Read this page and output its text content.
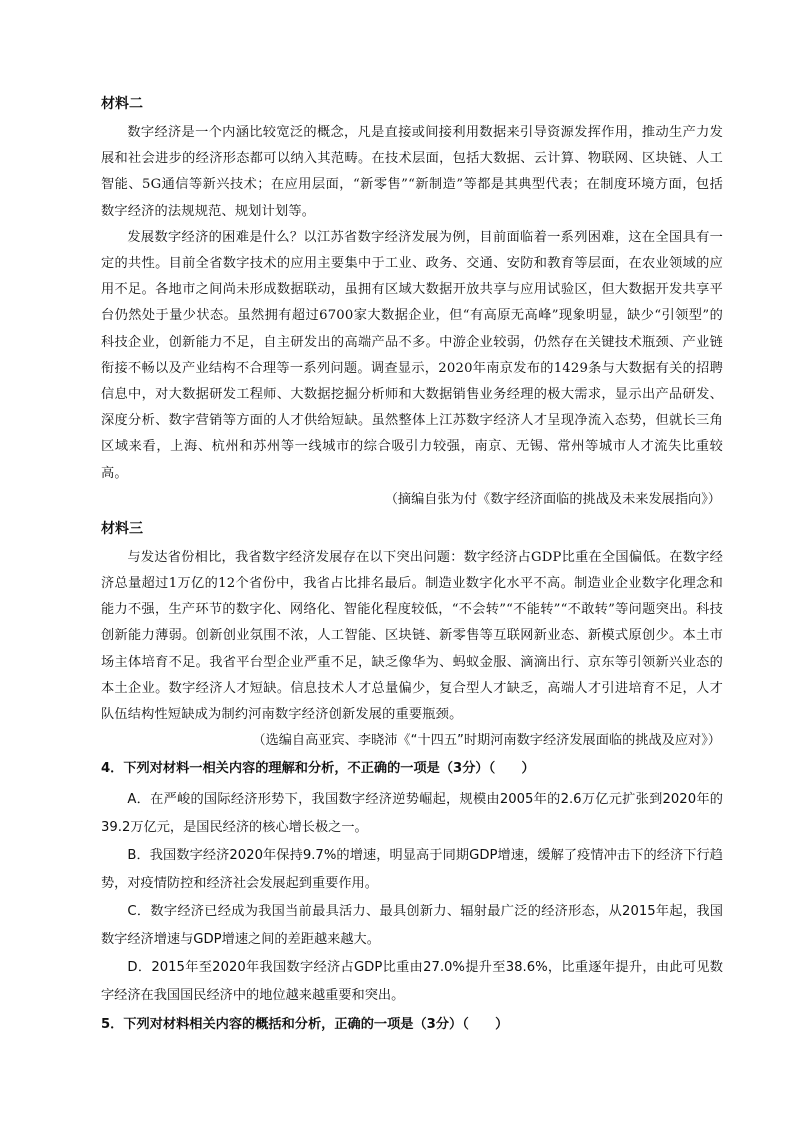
材料二

数字经济是一个内涵比较宽泛的概念，凡是直接或间接利用数据来引导资源发挥作用，推动生产力发展和社会进步的经济形态都可以纳入其范畴。在技术层面，包括大数据、云计算、物联网、区块链、人工智能、5G通信等新兴技术；在应用层面，“新零售”“新制造”等都是其典型代表；在制度环境方面，包括数字经济的法规规范、规划计划等。

发展数字经济的困难是什么？以江苏省数字经济发展为例，目前面临着一系列困难，这在全国具有一定的共性。目前全省数字技术的应用主要集中于工业、政务、交通、安防和教育等层面，在农业领域的应用不足。各地市之间尚未形成数据联动，虽拥有区域大数据开放共享与应用试验区，但大数据开发共享平台仍然处于量少状态。虽然拥有超过6700家大数据企业，但“有高原无高峰”现象明显，缺少“引领型”的科技企业，创新能力不足，自主研发出的高端产品不多。中游企业较弱，仍然存在关键技术瓶颈、产业链衔接不畅以及产业结构不合理等一系列问题。调查显示，2020年南京发布的1429条与大数据有关的招聘信息中，对大数据研发工程师、大数据挖掘分析师和大数据销售业务经理的极大需求，显示出产品研发、深度分析、数字营销等方面的人才供给短缺。虽然整体上江苏数字经济人才呈现净流入态势，但就长三角区域来看，上海、杭州和苏州等一线城市的综合吸引力较强，南京、无锡、常州等城市人才流失比重较高。

（摘编自张为付《数字经济面临的挑战及未来发展指向》）

材料三

与发达省份相比，我省数字经济发展存在以下突出问题：数字经济占GDP比重在全国偏低。在数字经济总量超过1万亿的12个省份中，我省占比排名最后。制造业数字化水平不高。制造业企业数字化理念和能力不强，生产环节的数字化、网络化、智能化程度较低，“不会转”“不能转”“不敢转”等问题突出。科技创新能力薄弱。创新创业氛围不浓，人工智能、区块链、新零售等互联网新业态、新模式原创少。本土市场主体培育不足。我省平台型企业严重不足，缺乏像华为、蚂蚁金服、滴滴出行、京东等引领新兴业态的本土企业。数字经济人才短缺。信息技术人才总量偏少，复合型人才缺乏，高端人才引进培育不足，人才队伍结构性短缺成为制约河南数字经济创新发展的重要瓶颈。

（选编自高亚宾、李晓沛《“十四五”时期河南数字经济发展面临的挑战及应对》）

4．下列对材料一相关内容的理解和分析，不正确的一项是（3分）（　　）

A．在严峻的国际经济形势下，我国数字经济逆势崛起，规模由2005年的2.6万亿元扩张到2020年的39.2万亿元，是国民经济的核心增长极之一。

B．我国数字经济2020年保持9.7%的增速，明显高于同期GDP增速，缓解了疫情冲击下的经济下行趋势，对疫情防控和经济社会发展起到重要作用。

C．数字经济已经成为我国当前最具活力、最具创新力、辐射最广泛的经济形态，从2015年起，我国数字经济增速与GDP增速之间的差距越来越大。

D．2015年至2020年我国数字经济占GDP比重由27.0%提升至38.6%，比重逐年提升，由此可见数字经济在我国国民经济中的地位越来越重要和突出。

5．下列对材料相关内容的概括和分析，正确的一项是（3分）（　　）
